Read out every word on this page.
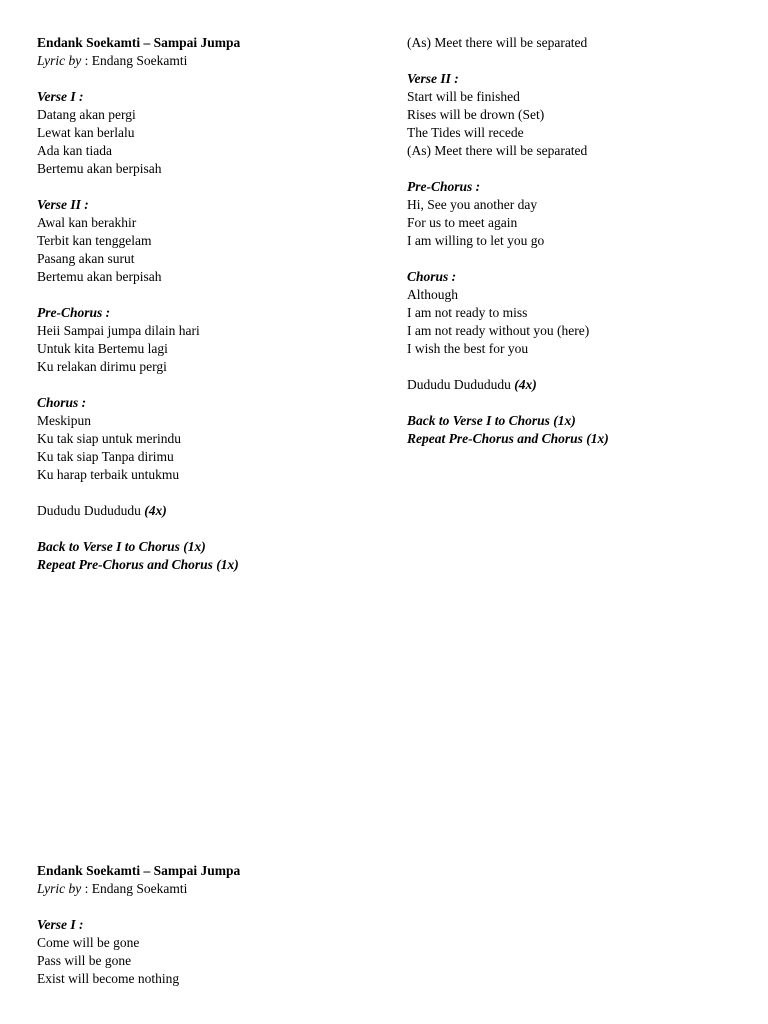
Endank Soekamti – Sampai Jumpa
Lyric by : Endang Soekamti
Verse I :
Datang akan pergi
Lewat kan berlalu
Ada kan tiada
Bertemu akan berpisah
Verse II :
Awal kan berakhir
Terbit kan tenggelam
Pasang akan surut
Bertemu akan berpisah
Pre-Chorus :
Heii Sampai jumpa dilain hari
Untuk kita Bertemu lagi
Ku relakan dirimu pergi
Chorus :
Meskipun
Ku tak siap untuk merindu
Ku tak siap Tanpa dirimu
Ku harap terbaik untukmu
Dududu Dudududu (4x)
Back to Verse I to Chorus (1x)
Repeat Pre-Chorus and Chorus (1x)
(As) Meet there will be separated
Verse II :
Start will be finished
Rises will be drown (Set)
The Tides will recede
(As) Meet there will be separated
Pre-Chorus :
Hi, See you another day
For us to meet again
I am willing to let you go
Chorus :
Although
I am not ready to miss
I am not ready without you (here)
I wish the best for you
Dududu Dudududu (4x)
Back to Verse I to Chorus (1x)
Repeat Pre-Chorus and Chorus (1x)
Endank Soekamti – Sampai Jumpa
Lyric by : Endang Soekamti
Verse I :
Come will be gone
Pass will be gone
Exist will become nothing
